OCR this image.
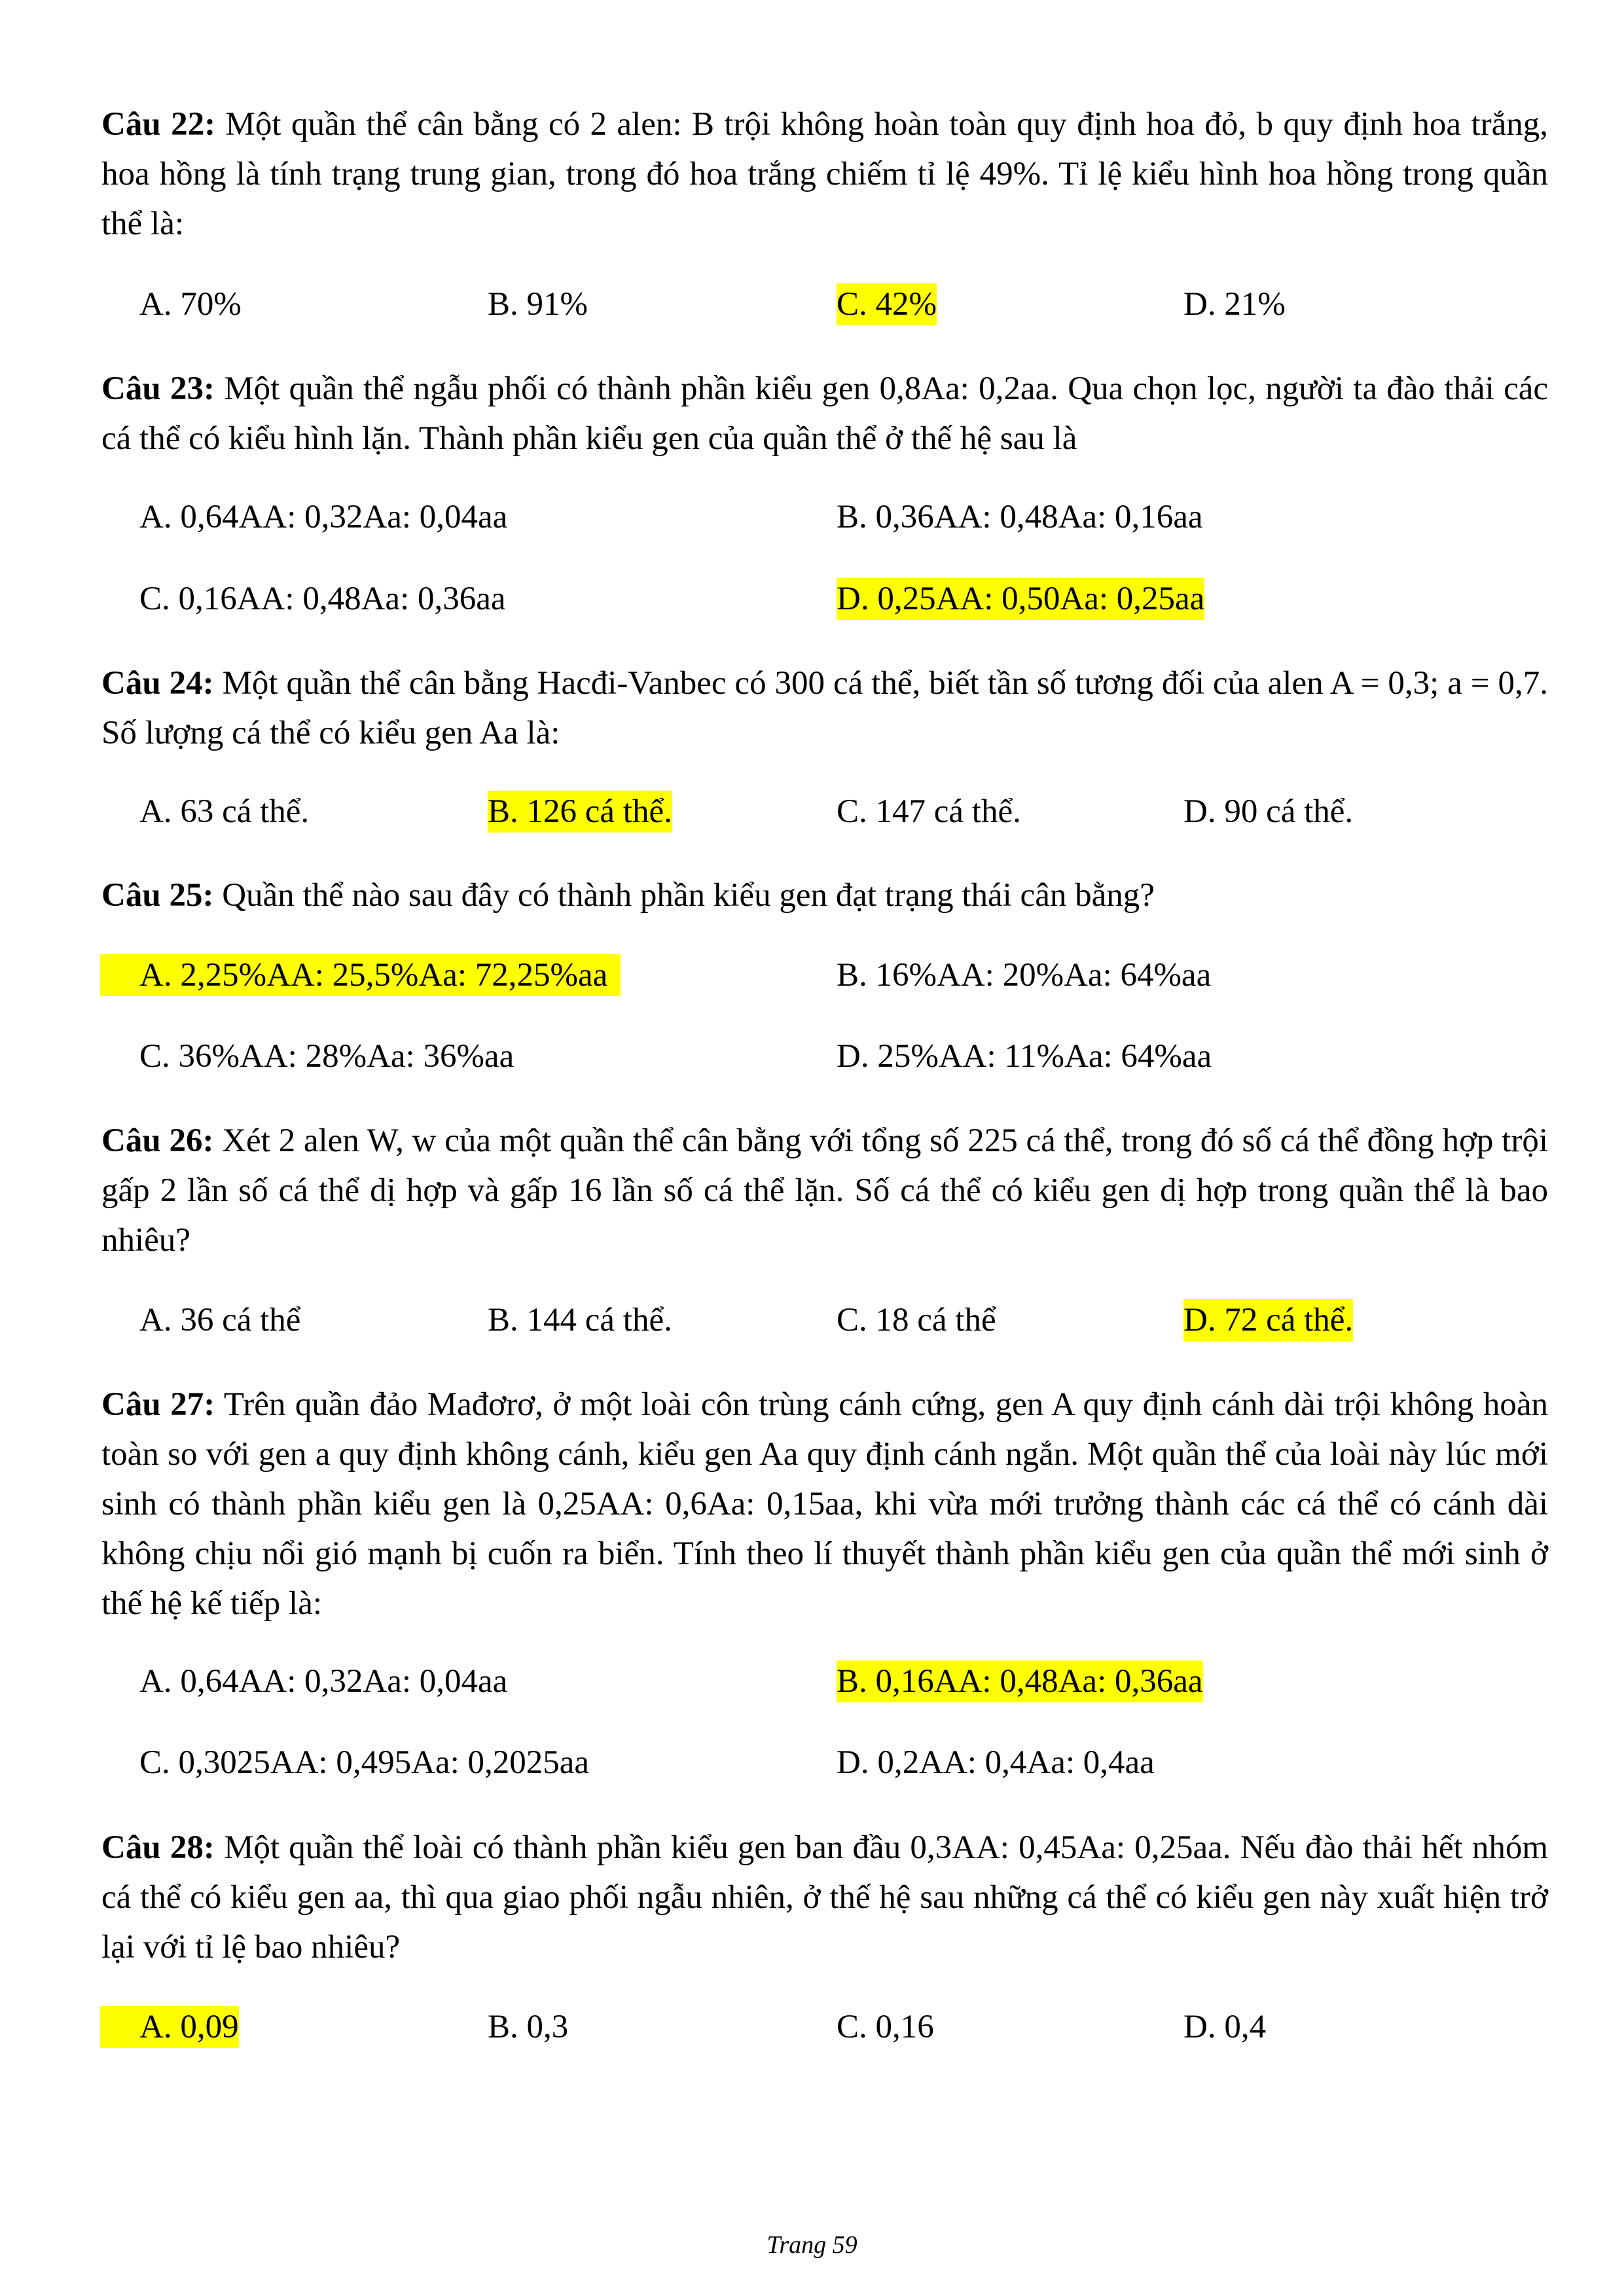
Câu 22: Một quần thể cân bằng có 2 alen: B trội không hoàn toàn quy định hoa đỏ, b quy định hoa trắng, hoa hồng là tính trạng trung gian, trong đó hoa trắng chiếm tỉ lệ 49%. Tỉ lệ kiểu hình hoa hồng trong quần thể là:

A. 70%	B. 91%	C. 42%	D. 21%

Câu 23: Một quần thể ngẫu phối có thành phần kiểu gen 0,8Aa: 0,2aa. Qua chọn lọc, người ta đào thải các cá thể có kiểu hình lặn. Thành phần kiểu gen của quần thể ở thế hệ sau là

A. 0,64AA: 0,32Aa: 0,04aa	B. 0,36AA: 0,48Aa: 0,16aa
C. 0,16AA: 0,48Aa: 0,36aa	D. 0,25AA: 0,50Aa: 0,25aa

Câu 24: Một quần thể cân bằng Hacđi-Vanbec có 300 cá thể, biết tần số tương đối của alen A = 0,3; a = 0,7. Số lượng cá thể có kiểu gen Aa là:

A. 63 cá thể.	B. 126 cá thể.	C. 147 cá thể.	D. 90 cá thể.

Câu 25: Quần thể nào sau đây có thành phần kiểu gen đạt trạng thái cân bằng?

A. 2,25%AA: 25,5%Aa: 72,25%aa	B. 16%AA: 20%Aa: 64%aa
C. 36%AA: 28%Aa: 36%aa	D. 25%AA: 11%Aa: 64%aa

Câu 26: Xét 2 alen W, w của một quần thể cân bằng với tổng số 225 cá thể, trong đó số cá thể đồng hợp trội gấp 2 lần số cá thể dị hợp và gấp 16 lần số cá thể lặn. Số cá thể có kiểu gen dị hợp trong quần thể là bao nhiêu?

A. 36 cá thể	B. 144 cá thể.	C. 18 cá thể	D. 72 cá thể.

Câu 27: Trên quần đảo Mađơrơ, ở một loài côn trùng cánh cứng, gen A quy định cánh dài trội không hoàn toàn so với gen a quy định không cánh, kiểu gen Aa quy định cánh ngắn. Một quần thể của loài này lúc mới sinh có thành phần kiểu gen là 0,25AA: 0,6Aa: 0,15aa, khi vừa mới trưởng thành các cá thể có cánh dài không chịu nổi gió mạnh bị cuốn ra biển. Tính theo lí thuyết thành phần kiểu gen của quần thể mới sinh ở thế hệ kế tiếp là:

A. 0,64AA: 0,32Aa: 0,04aa	B. 0,16AA: 0,48Aa: 0,36aa
C. 0,3025AA: 0,495Aa: 0,2025aa	D. 0,2AA: 0,4Aa: 0,4aa

Câu 28: Một quần thể loài có thành phần kiểu gen ban đầu 0,3AA: 0,45Aa: 0,25aa. Nếu đào thải hết nhóm cá thể có kiểu gen aa, thì qua giao phối ngẫu nhiên, ở thế hệ sau những cá thể có kiểu gen này xuất hiện trở lại với tỉ lệ bao nhiêu?

A. 0,09	B. 0,3	C. 0,16	D. 0,4
Trang 59
